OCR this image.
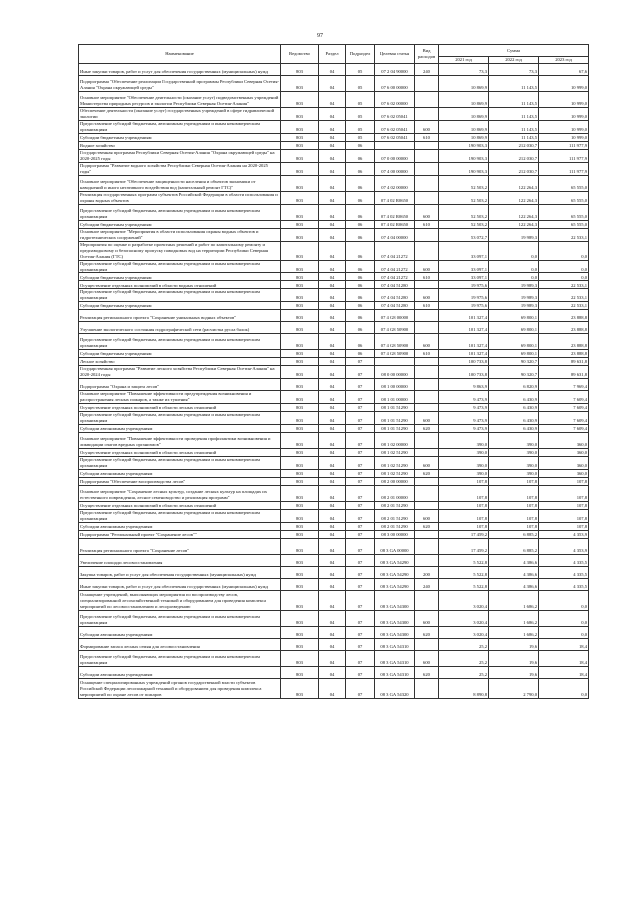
97
Наименование	Ведомство	Раздел	Подраздел	Целевая статья	Вид расходов	Сумма		
						2021 год	2022 год	2023 год
Иные закупки товаров, работ и услуг для обеспечения государственных (муниципальных) нужд	803	04	05	07 2 04 90000	240	73,3	73,3	67,6
Подпрограмма "Обеспечение реализации Государственной программы Республики Северная Осетия-Алания "Охрана окружающей среды"	803	04	05	07 6 00 00000		10 869,9	11 143,5	10 999,0
Основное мероприятие "Обеспечение деятельности (оказание услуг) подведомственных учреждений Министерства природных ресурсов и экологии Республики Северная Осетия-Алания"	803	04	05	07 6 02 00000		10 869,9	11 143,5	10 999,0
Обеспечение деятельности (оказание услуг) государственных учреждений в сфере гидравлической экологии	803	04	05	07 6 02 05041		10 869,9	11 143,5	10 999,0
Предоставление субсидий бюджетным, автономным учреждениям и иным некоммерческим организациям	803	04	05	07 6 02 05041	600	10 869,9	11 143,5	10 999,0
Субсидии бюджетным учреждениям	803	04	05	07 6 02 05041	610	10 869,9	11 143,5	10 999,0
Водное хозяйство	803	04	06			190 903,3	212 030,7	111 977,9
Государственная программа Республики Северная Осетия-Алания "Охрана окружающей среды" на 2020-2025 годы	803	04	06	07 0 00 00000		190 903,3	212 030,7	111 977,9
Подпрограмма "Развитие водного хозяйства Республики Северная Осетия-Алания на 2020-2025 годы"	803	04	06	07 4 00 00000		190 903,3	212 030,7	111 977,9
Основное мероприятие "Обеспечение защищенности населения и объектов экономики от наводнений и иного негативного воздействия вод (капитальный ремонт ГТС)"	803	04	06	07 4 02 00000		52 503,2	122 264,3	65 555,0
Реализация государственных программ субъектов Российской Федерации в области использования и охраны водных объектов	803	04	06	07 4 02 R0650		52 503,2	122 264,3	65 555,0
Предоставление субсидий бюджетным, автономным учреждениям и иным некоммерческим организациям	803	04	06	07 4 02 R0650	600	52 503,2	122 264,3	65 555,0
Субсидии бюджетным учреждениям	803	04	06	07 4 02 R0650	610	52 503,2	122 264,3	65 555,0
Основное мероприятие "Мероприятия в области использования охраны водных объектов и гидротехнических сооружений"	803	04	06	07 4 04 00000		53 072,7	19 989,3	22 533,1
Мероприятия по оценке и разработке проектных решений и работ по капитальному ремонту и предпаводковому и безопасному пропуску паводковых вод на территории Республики Северная Осетия-Алания (ГТС)	803	04	06	07 4 04 21272		33 097,1	0,0	0,0
Предоставление субсидий бюджетным, автономным учреждениям и иным некоммерческим организациям	803	04	06	07 4 04 21272	600	33 097,1	0,0	0,0
Субсидии бюджетным учреждениям	803	04	06	07 4 04 21272	610	33 097,1	0,0	0,0
Осуществление отдельных полномочий в области водных отношений	803	04	06	07 4 04 51280		19 975,6	19 989,3	22 533,1
Предоставление субсидий бюджетным, автономным учреждениям и иным некоммерческим организациям	803	04	06	07 4 04 51280	600	19 975,6	19 989,3	22 533,1
Субсидии бюджетным учреждениям	803	04	06	07 4 04 51280	610	19 975,6	19 989,3	22 533,1
Реализация регионального проекта "Сохранение уникальных водных объектов"	803	04	06	07 4 G8 00000		101 327,4	69 800,1	23 888,8
Улучшение экологического состояния гидрографической сети (расчистка русла балок)	803	04	06	07 4 G8 50900		101 327,4	69 800,1	23 888,8
Предоставление субсидий бюджетным, автономным учреждениям и иным некоммерческим организациям	803	04	06	07 4 G8 50900	600	101 327,4	69 800,1	23 888,8
Субсидии бюджетным учреждениям	803	04	06	07 4 G8 50900	610	101 327,4	69 800,1	23 888,8
Лесное хозяйство	803	04	07			100 733,8	90 320,7	89 631,8
Государственная программа "Развитие лесного хозяйства Республики Северная Осетия-Алания" на 2020-2024 годы	803	04	07	08 0 00 00000		100 733,8	90 320,7	89 631,8
Подпрограмма "Охрана и защита лесов"	803	04	07	08 1 00 00000		9 863,9	6 820,9	7 969,4
Основное мероприятие "Повышение эффективности предупреждения возникновения и распространения лесных пожаров, а также их тушения"	803	04	07	08 1 01 00000		9 473,9	6 430,9	7 609,4
Осуществление отдельных полномочий в области лесных отношений	803	04	07	08 1 01 51290		9 473,9	6 430,9	7 609,4
Предоставление субсидий бюджетным, автономным учреждениям и иным некоммерческим организациям	803	04	07	08 1 01 51290	600	9 473,9	6 430,9	7 609,4
Субсидии автономным учреждениям	803	04	07	08 1 01 51290	620	9 473,9	6 430,9	7 609,4
Основное мероприятие "Повышение эффективности проведения профилактики возникновения и ликвидации очагов вредных организмов"	803	04	07	08 1 02 00000		390,0	390,0	360,0
Осуществление отдельных полномочий в области лесных отношений	803	04	07	08 1 02 51290		390,0	390,0	360,0
Предоставление субсидий бюджетным, автономным учреждениям и иным некоммерческим организациям	803	04	07	08 1 02 51290	600	390,0	390,0	360,0
Субсидии автономным учреждениям	803	04	07	08 1 02 51290	620	390,0	390,0	360,0
Подпрограмма "Обеспечение воспроизводства лесов"	803	04	07	08 2 00 00000		107,8	107,8	107,8
Основное мероприятие "Сохранение лесных культур, создание лесных культур на площадях их естественного повреждения, лесное семеноводство и реализация программ"	803	04	07	08 2 01 00000		107,8	107,8	107,8
Осуществление отдельных полномочий в области лесных отношений	803	04	07	08 2 01 51290		107,8	107,8	107,8
Предоставление субсидий бюджетным, автономным учреждениям и иным некоммерческим организациям	803	04	07	08 2 01 51290	600	107,8	107,8	107,8
Субсидии автономным учреждениям	803	04	07	08 2 01 51290	620	107,8	107,8	107,8
Подпрограмма "Региональный проект "Сохранение лесов""	803	04	07	08 3 00 00000		17 459,2	6 885,2	4 353,9
Реализация регионального проекта "Сохранение лесов"	803	04	07	08 3 GA 00000		17 459,2	6 885,2	4 353,9
Увеличение площади лесовосстановления	803	04	07	08 3 GA 54290		5 522,8	4 386,6	4 335,5
Закупка товаров, работ и услуг для обеспечения государственных (муниципальных) нужд	803	04	07	08 3 GA 54290	200	5 522,8	4 386,6	4 335,5
Иные закупки товаров, работ и услуг для обеспечения государственных (муниципальных) нужд	803	04	07	08 3 GA 54290	240	5 522,8	4 386,6	4 335,5
Оснащение учреждений, выполняющих мероприятия по воспроизводству лесов, специализированной лесохозяйственной техникой и оборудованием для проведения комплекса мероприятий по лесовосстановлению и лесоразведению	803	04	07	08 3 GA 54300		3 020,4	1 686,2	0,0
Предоставление субсидий бюджетным, автономным учреждениям и иным некоммерческим организациям	803	04	07	08 3 GA 54300	600	3 020,4	1 686,2	0,0
Субсидии автономным учреждениям	803	04	07	08 3 GA 54300	620	3 020,4	1 686,2	0,0
Формирование запаса лесных семян для лесовосстановления	803	04	07	08 3 GA 54310		25,2	19,6	18,4
Предоставление субсидий бюджетным, автономным учреждениям и иным некоммерческим организациям	803	04	07	08 3 GA 54310	600	25,2	19,6	18,4
Субсидии автономным учреждениям	803	04	07	08 3 GA 54310	620	25,2	19,6	18,4
Оснащение специализированных учреждений органов государственной власти субъектов Российской Федерации лесопожарной техникой и оборудованием для проведения комплекса мероприятий по охране лесов от пожаров	803	04	07	08 3 GA 54320		8 890,8	2 790,0	0,0
